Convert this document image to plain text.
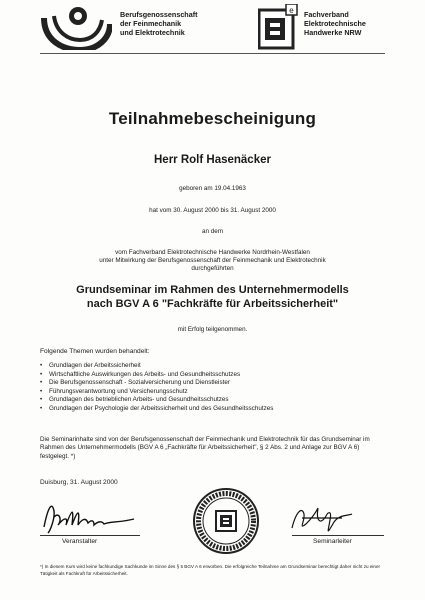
Berufsgenossenschaft
der Feinmechanik
und Elektrotechnik
e Fachverband
Elektrotechnische
Handwerke NRW
Teilnahmebescheinigung
Herr Rolf Hasenäcker
geboren am 19.04.1963
hat vom 30. August 2000 bis 31. August 2000
an dem
vom Fachverband Elektrotechnische Handwerke Nordrhein-Westfalen
unter Mitwirkung der Berufsgenossenschaft der Feinmechanik und Elektrotechnik
durchgeführten
Grundseminar im Rahmen des Unternehmermodells
nach BGV A 6 "Fachkräfte für Arbeitssicherheit"
mit Erfolg teilgenommen.
Folgende Themen wurden behandelt:
• Grundlagen der Arbeitssicherheit
• Wirtschaftliche Auswirkungen des Arbeits- und Gesundheitsschutzes
• Die Berufsgenossenschaft - Sozialversicherung und Dienstleister
• Führungsverantwortung und Versicherungsschutz
• Grundlagen des betrieblichen Arbeits- und Gesundheitsschutzes
• Grundlagen der Psychologie der Arbeitssicherheit und des Gesundheitsschutzes
Die Seminarinhalte sind von der Berufsgenossenschaft der Feinmechanik und Elektrotechnik für das Grundseminar im Rahmen des Unternehmermodells (BGV A 6 „Fachkräfte für Arbeitssicherheit", § 2 Abs. 2 und Anlage zur BGV A 6) festgelegt. *)
Duisburg, 31. August 2000
Veranstalter	Seminarleiter
*) In diesem Kurs wird keine fachkundige Sachkunde im Sinne des § 5 BGV A 6 erworben. Die erfolgreiche Teilnahme am Grundseminar berechtigt daher nicht zu einer Tätigkeit als Fachkraft für Arbeitssicherheit.
